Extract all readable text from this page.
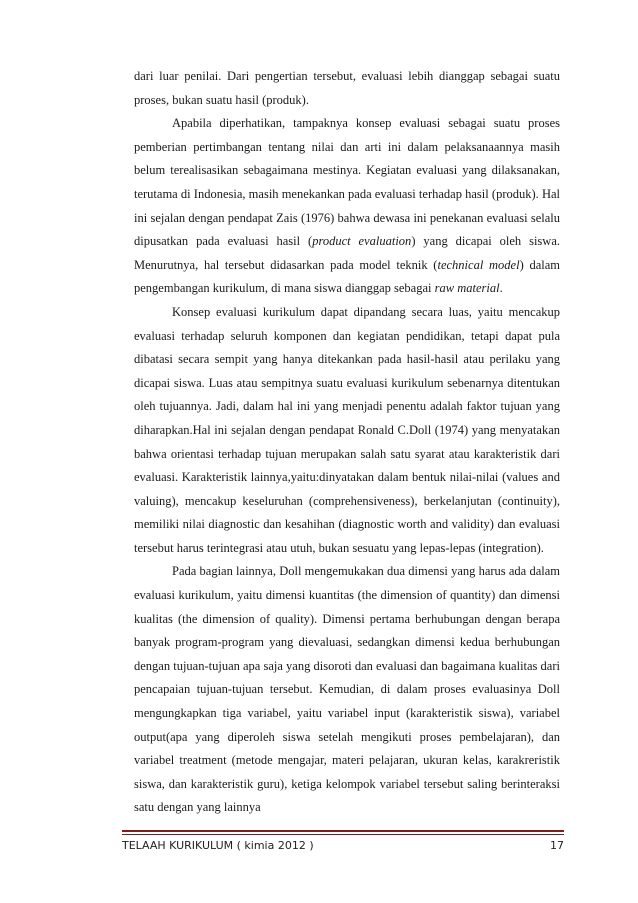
dari luar penilai. Dari pengertian tersebut, evaluasi lebih dianggap sebagai suatu proses, bukan suatu hasil (produk).

Apabila diperhatikan, tampaknya konsep evaluasi sebagai suatu proses pemberian pertimbangan tentang nilai dan arti ini dalam pelaksanaannya masih belum terealisasikan sebagaimana mestinya. Kegiatan evaluasi yang dilaksanakan, terutama di Indonesia, masih menekankan pada evaluasi terhadap hasil (produk). Hal ini sejalan dengan pendapat Zais (1976) bahwa dewasa ini penekanan evaluasi selalu dipusatkan pada evaluasi hasil (product evaluation) yang dicapai oleh siswa. Menurutnya, hal tersebut didasarkan pada model teknik (technical model) dalam pengembangan kurikulum, di mana siswa dianggap sebagai raw material.

Konsep evaluasi kurikulum dapat dipandang secara luas, yaitu mencakup evaluasi terhadap seluruh komponen dan kegiatan pendidikan, tetapi dapat pula dibatasi secara sempit yang hanya ditekankan pada hasil-hasil atau perilaku yang dicapai siswa. Luas atau sempitnya suatu evaluasi kurikulum sebenarnya ditentukan oleh tujuannya. Jadi, dalam hal ini yang menjadi penentu adalah faktor tujuan yang diharapkan.Hal ini sejalan dengan pendapat Ronald C.Doll (1974) yang menyatakan bahwa orientasi terhadap tujuan merupakan salah satu syarat atau karakteristik dari evaluasi. Karakteristik lainnya,yaitu:dinyatakan dalam bentuk nilai-nilai (values and valuing), mencakup keseluruhan (comprehensiveness), berkelanjutan (continuity), memiliki nilai diagnostic dan kesahihan (diagnostic worth and validity) dan evaluasi tersebut harus terintegrasi atau utuh, bukan sesuatu yang lepas-lepas (integration).

Pada bagian lainnya, Doll mengemukakan dua dimensi yang harus ada dalam evaluasi kurikulum, yaitu dimensi kuantitas (the dimension of quantity) dan dimensi kualitas (the dimension of quality). Dimensi pertama berhubungan dengan berapa banyak program-program yang dievaluasi, sedangkan dimensi kedua berhubungan dengan tujuan-tujuan apa saja yang disoroti dan evaluasi dan bagaimana kualitas dari pencapaian tujuan-tujuan tersebut. Kemudian, di dalam proses evaluasinya Doll mengungkapkan tiga variabel, yaitu variabel input (karakteristik siswa), variabel output(apa yang diperoleh siswa setelah mengikuti proses pembelajaran), dan variabel treatment (metode mengajar, materi pelajaran, ukuran kelas, karakreristik siswa, dan karakteristik guru), ketiga kelompok variabel tersebut saling berinteraksi satu dengan yang lainnya

TELAAH KURIKULUM ( kimia 2012 )	17
